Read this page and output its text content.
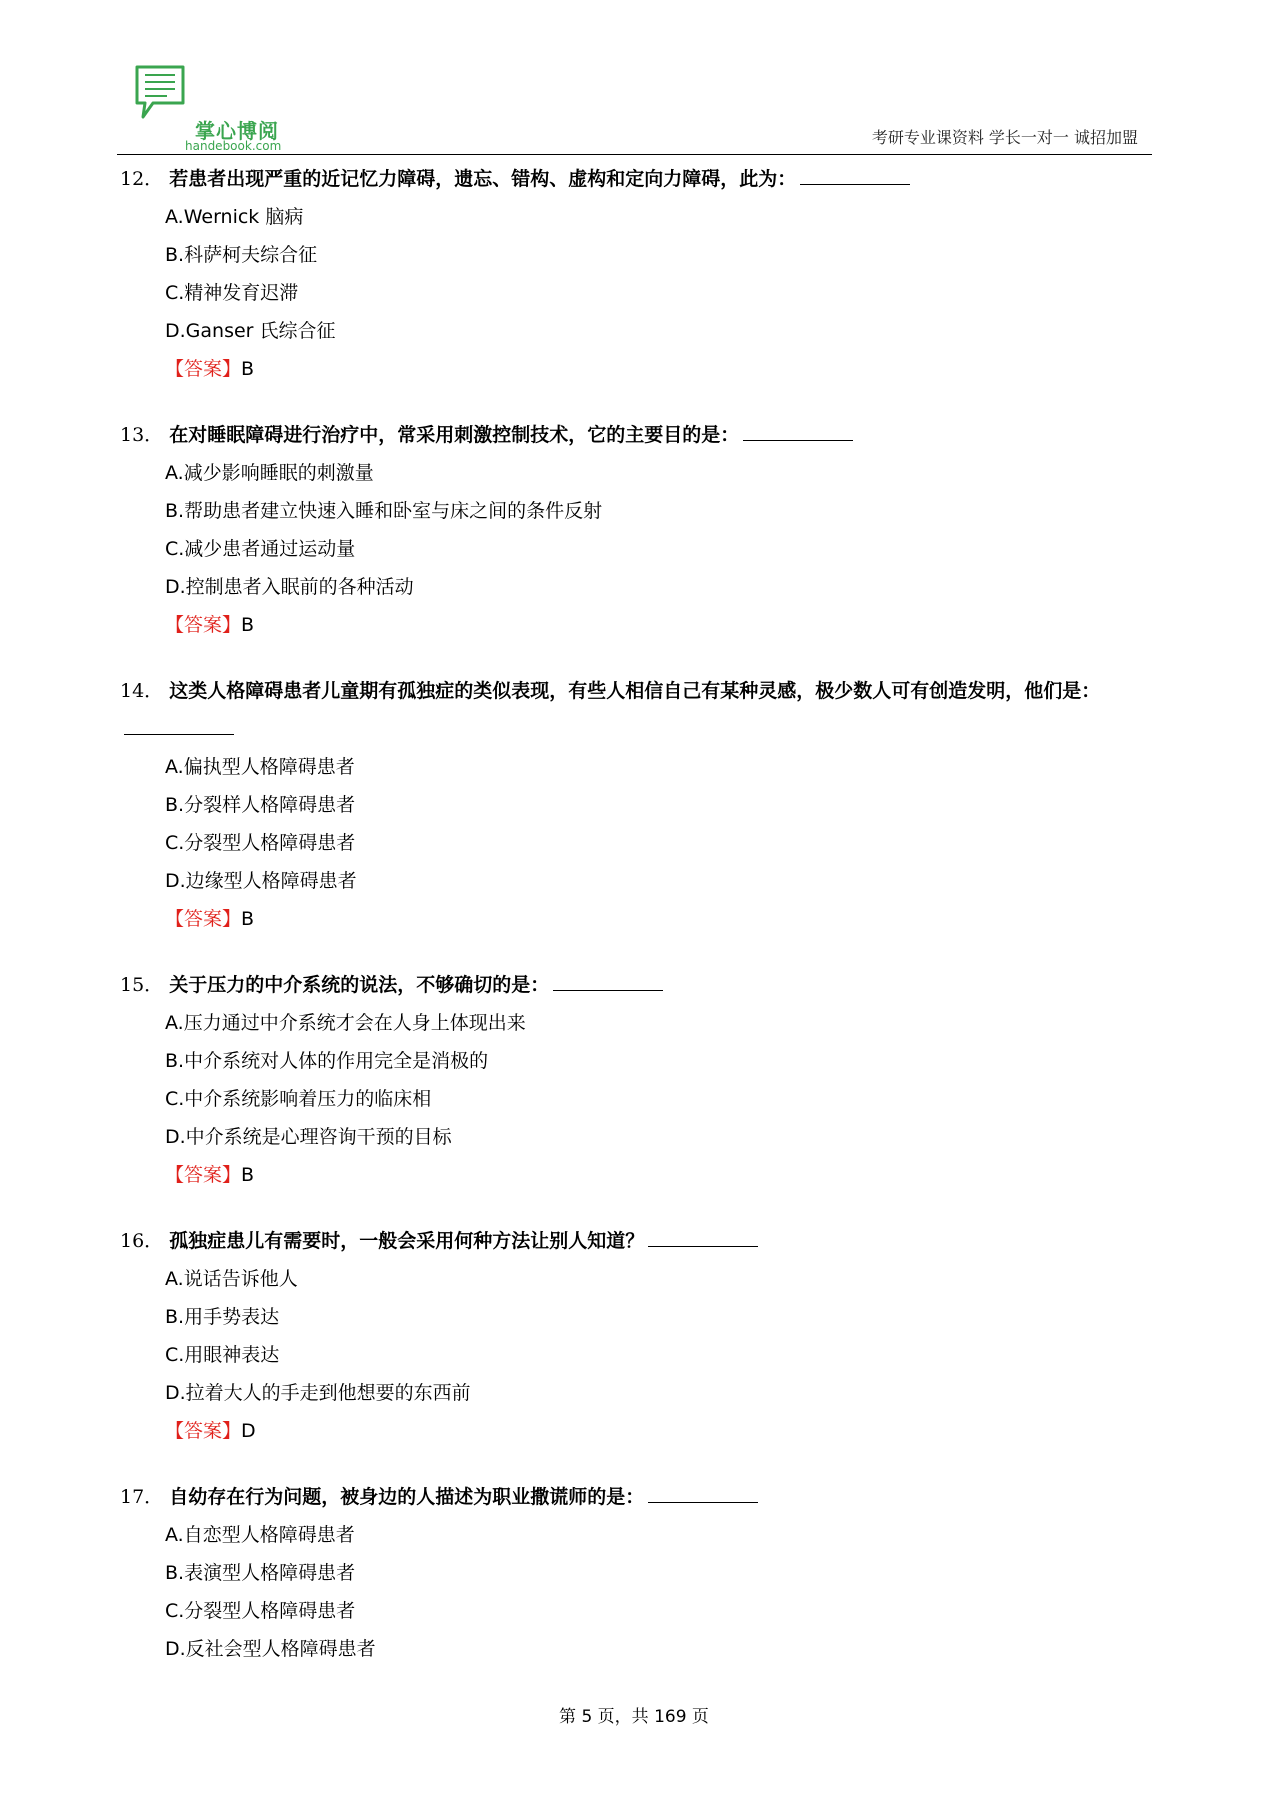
掌心博阅
handebook.com	考研专业课资料 学长一对一 诚招加盟

12． 若患者出现严重的近记忆力障碍，遗忘、错构、虚构和定向力障碍，此为：

A.Wernick 脑病

B.科萨柯夫综合征

C.精神发育迟滞

D.Ganser 氏综合征

【答案】B

13． 在对睡眠障碍进行治疗中，常采用刺激控制技术，它的主要目的是：

A.减少影响睡眠的刺激量

B.帮助患者建立快速入睡和卧室与床之间的条件反射

C.减少患者通过运动量

D.控制患者入眠前的各种活动

【答案】B

14． 这类人格障碍患者儿童期有孤独症的类似表现，有些人相信自己有某种灵感，极少数人可有创造发明，他们是：

A.偏执型人格障碍患者

B.分裂样人格障碍患者

C.分裂型人格障碍患者

D.边缘型人格障碍患者

【答案】B

15． 关于压力的中介系统的说法，不够确切的是：

A.压力通过中介系统才会在人身上体现出来

B.中介系统对人体的作用完全是消极的

C.中介系统影响着压力的临床相

D.中介系统是心理咨询干预的目标

【答案】B

16． 孤独症患儿有需要时，一般会采用何种方法让别人知道？

A.说话告诉他人

B.用手势表达

C.用眼神表达

D.拉着大人的手走到他想要的东西前

【答案】D

17． 自幼存在行为问题，被身边的人描述为职业撒谎师的是：

A.自恋型人格障碍患者

B.表演型人格障碍患者

C.分裂型人格障碍患者

D.反社会型人格障碍患者

第 5 页，共 169 页
